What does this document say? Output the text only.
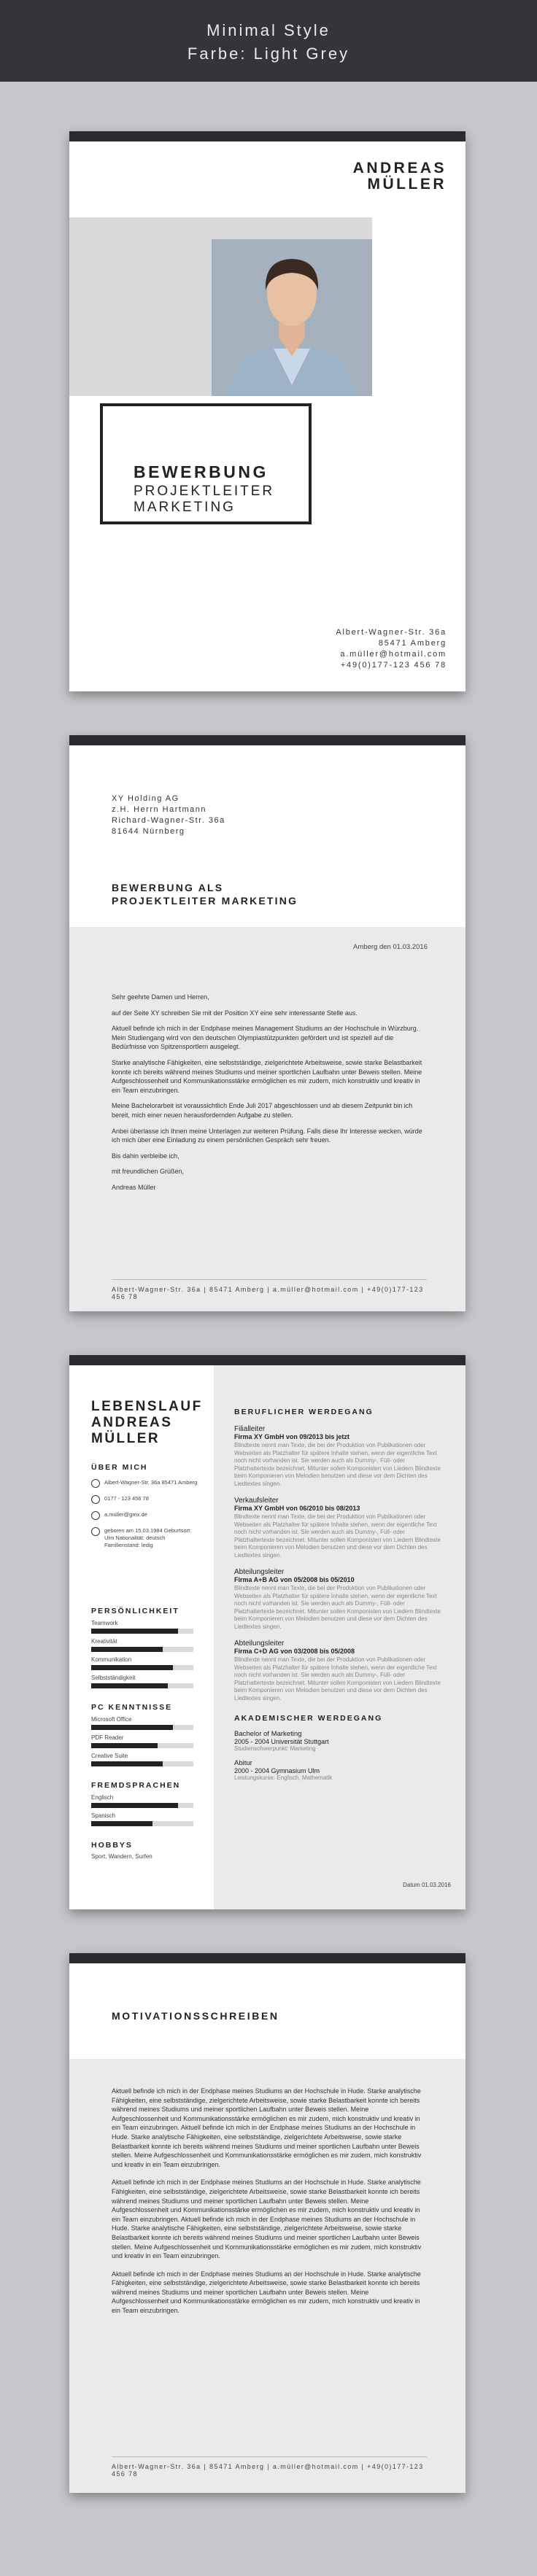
Minimal Style
Farbe: Light Grey
ANDREAS
MÜLLER
BEWERBUNG
PROJEKTLEITER
MARKETING
Albert-Wagner-Str. 36a
85471 Amberg
a.müller@hotmail.com
+49(0)177-123 456 78
XY Holding AG
z.H. Herrn Hartmann
Richard-Wagner-Str. 36a
81644 Nürnberg
BEWERBUNG ALS
PROJEKTLEITER MARKETING
Amberg den 01.03.2016

Sehr geehrte Damen und Herren,

auf der Seite XY schreiben Sie mit der Position XY eine sehr interessante Stelle aus.

Aktuell befinde ich mich in der Endphase meines Management Studiums an der Hochschule in Würzburg. Mein Studiengang wird von den deutschen Olympiastützpunkten gefördert und ist speziell auf die Bedürfnisse von Spitzensportlern ausgelegt.

Starke analytische Fähigkeiten, eine selbstständige, zielgerichtete Arbeitsweise, sowie starke Belastbarkeit konnte ich bereits während meines Studiums und meiner sportlichen Laufbahn unter Beweis stellen. Meine Aufgeschlossenheit und Kommunikationsstärke ermöglichen es mir zudem, mich konstruktiv und kreativ in ein Team einzubringen.

Meine Bachelorarbeit ist voraussichtlich Ende Juli 2017 abgeschlossen und ab diesem Zeitpunkt bin ich bereit, mich einer neuen herausfordernden Aufgabe zu stellen.

Anbei überlasse ich Ihnen meine Unterlagen zur weiteren Prüfung. Falls diese Ihr Interesse wecken, würde ich mich über eine Einladung zu einem persönlichen Gespräch sehr freuen.

Bis dahin verbleibe ich,

mit freundlichen Grüßen,

Andreas Müller

Albert-Wagner-Str. 36a | 85471 Amberg | a.müller@hotmail.com | +49(0)177-123 456 78
LEBENSLAUF
ANDREAS
MÜLLER
ÜBER MICH
Albert-Wagner-Str. 36a 85471 Amberg
0177 - 123 456 78
a.müller@gmx.de
geboren am 15.03.1984 Geburtsort: Ulm Nationalität: deutsch Familienstand: ledig
PERSÖNLICHKEIT
Teamwork
Kreativität
Kommunikation
Selbstständigkeit
PC KENNTNISSE
Microsoft Office
PDF Reader
Creative Suite
FREMDSPRACHEN
Englisch
Spanisch
HOBBYS
Sport, Wandern, Surfen
BERUFLICHER WERDEGANG
Filialleiter
Firma XY GmbH von 09/2013 bis jetzt
Blindtexte nennt man Texte, die bei der Produktion von Publikationen oder Webseiten als Platzhalter für spätere Inhalte stehen, wenn der eigentliche Text noch nicht vorhanden ist. Sie werden auch als Dummy-, Füll- oder Platzhaltertexte bezeichnet. Mitunter sollen Komponisten von Liedern Blindtexte beim Komponieren von Melodien benutzen und diese vor dem Dichten des Liedtextes singen.
Verkaufsleiter
Firma XY GmbH von 06/2010 bis 08/2013
Blindtexte nennt man Texte, die bei der Produktion von Publikationen oder Webseiten als Platzhalter für spätere Inhalte stehen, wenn der eigentliche Text noch nicht vorhanden ist. Sie werden auch als Dummy-, Füll- oder Platzhaltertexte bezeichnet. Mitunter sollen Komponisten von Liedern Blindtexte beim Komponieren von Melodien benutzen und diese vor dem Dichten des Liedtextes singen.
Abteilungsleiter
Firma A+B AG von 05/2008 bis 05/2010
Blindtexte nennt man Texte, die bei der Produktion von Publikationen oder Webseiten als Platzhalter für spätere Inhalte stehen, wenn der eigentliche Text noch nicht vorhanden ist. Sie werden auch als Dummy-, Füll- oder Platzhaltertexte bezeichnet. Mitunter sollen Komponisten von Liedern Blindtexte beim Komponieren von Melodien benutzen und diese vor dem Dichten des Liedtextes singen.
Abteilungsleiter
Firma C+D AG von 03/2008 bis 05/2008
Blindtexte nennt man Texte, die bei der Produktion von Publikationen oder Webseiten als Platzhalter für spätere Inhalte stehen, wenn der eigentliche Text noch nicht vorhanden ist. Sie werden auch als Dummy-, Füll- oder Platzhaltertexte bezeichnet. Mitunter sollen Komponisten von Liedern Blindtexte beim Komponieren von Melodien benutzen und diese vor dem Dichten des Liedtextes singen.
AKADEMISCHER WERDEGANG
Bachelor of Marketing
2005 - 2004 Universität Stuttgart
Studienschwerpunkt: Marketing
Abitur
2000 - 2004 Gymnasium Ulm
Leistungskurse: Englisch, Mathematik
Datum 01.03.2016
MOTIVATIONSSCHREIBEN

Aktuell befinde ich mich in der Endphase meines Studiums an der Hochschule in Hude. Starke analytische Fähigkeiten, eine selbstständige, zielgerichtete Arbeitsweise, sowie starke Belastbarkeit konnte ich bereits während meines Studiums und meiner sportlichen Laufbahn unter Beweis stellen. Meine Aufgeschlossenheit und Kommunikationsstärke ermöglichen es mir zudem, mich konstruktiv und kreativ in ein Team einzubringen. Aktuell befinde ich mich in der Endphase meines Studiums an der Hochschule in Hude. Starke analytische Fähigkeiten, eine selbstständige, zielgerichtete Arbeitsweise, sowie starke Belastbarkeit konnte ich bereits während meines Studiums und meiner sportlichen Laufbahn unter Beweis stellen. Meine Aufgeschlossenheit und Kommunikationsstärke ermöglichen es mir zudem, mich konstruktiv und kreativ in ein Team einzubringen.

Aktuell befinde ich mich in der Endphase meines Studiums an der Hochschule in Hude. Starke analytische Fähigkeiten, eine selbstständige, zielgerichtete Arbeitsweise, sowie starke Belastbarkeit konnte ich bereits während meines Studiums und meiner sportlichen Laufbahn unter Beweis stellen. Meine Aufgeschlossenheit und Kommunikationsstärke ermöglichen es mir zudem, mich konstruktiv und kreativ in ein Team einzubringen. Aktuell befinde ich mich in der Endphase meines Studiums an der Hochschule in Hude. Starke analytische Fähigkeiten, eine selbstständige, zielgerichtete Arbeitsweise, sowie starke Belastbarkeit konnte ich bereits während meines Studiums und meiner sportlichen Laufbahn unter Beweis stellen. Meine Aufgeschlossenheit und Kommunikationsstärke ermöglichen es mir zudem, mich konstruktiv und kreativ in ein Team einzubringen.

Aktuell befinde ich mich in der Endphase meines Studiums an der Hochschule in Hude. Starke analytische Fähigkeiten, eine selbstständige, zielgerichtete Arbeitsweise, sowie starke Belastbarkeit konnte ich bereits während meines Studiums und meiner sportlichen Laufbahn unter Beweis stellen. Meine Aufgeschlossenheit und Kommunikationsstärke ermöglichen es mir zudem, mich konstruktiv und kreativ in ein Team einzubringen.

Albert-Wagner-Str. 36a | 85471 Amberg | a.müller@hotmail.com | +49(0)177-123 456 78
